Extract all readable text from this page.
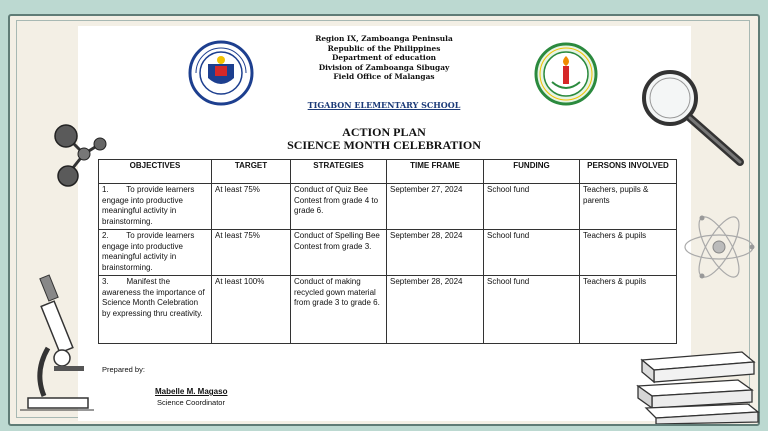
Region IX, Zamboanga Peninsula
Republic of the Philippines
Department of education
Division of Zamboanga Sibugay
Field Office of Malangas
TIGABON ELEMENTARY SCHOOL
ACTION PLAN
SCIENCE MONTH CELEBRATION
OBJECTIVES	TARGET	STRATEGIES	TIME FRAME	FUNDING	PERSONS INVOLVED
1.        To provide learners engage into productive meaningful activity in brainstorming.	At least 75%	Conduct of Quiz Bee Contest from grade 4 to grade 6.	September 27, 2024	School fund	Teachers, pupils & parents
2.        To provide learners engage into productive meaningful activity in brainstorming.	At least 75%	Conduct of Spelling Bee Contest from grade 3.	September 28, 2024	School fund	Teachers & pupils
3.        Manifest the awareness the importance of Science Month Celebration by expressing thru creativity.	At least 100%	Conduct of making recycled gown material from grade 3 to grade 6.	September 28, 2024	School fund	Teachers & pupils
Prepared by:
Mabelle M. Magaso
Science Coordinator
